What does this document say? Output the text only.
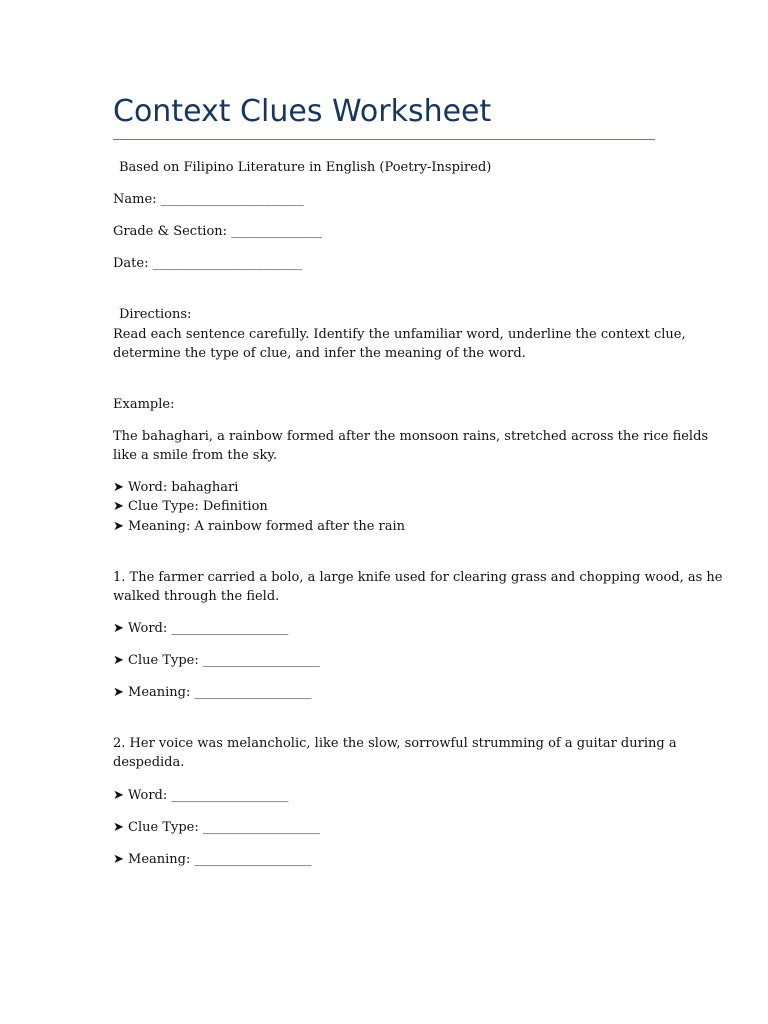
Context Clues Worksheet

Based on Filipino Literature in English (Poetry-Inspired)

Name: ______________________

Grade & Section: ______________

Date: _______________________

Directions:

Read each sentence carefully. Identify the unfamiliar word, underline the context clue,

determine the type of clue, and infer the meaning of the word.

Example:

The bahaghari, a rainbow formed after the monsoon rains, stretched across the rice fields

like a smile from the sky.

➤ Word: bahaghari

➤ Clue Type: Definition

➤ Meaning: A rainbow formed after the rain

1. The farmer carried a bolo, a large knife used for clearing grass and chopping wood, as he

walked through the field.

➤ Word: __________________

➤ Clue Type: __________________

➤ Meaning: __________________

2. Her voice was melancholic, like the slow, sorrowful strumming of a guitar during a

despedida.

➤ Word: __________________

➤ Clue Type: __________________

➤ Meaning: __________________
